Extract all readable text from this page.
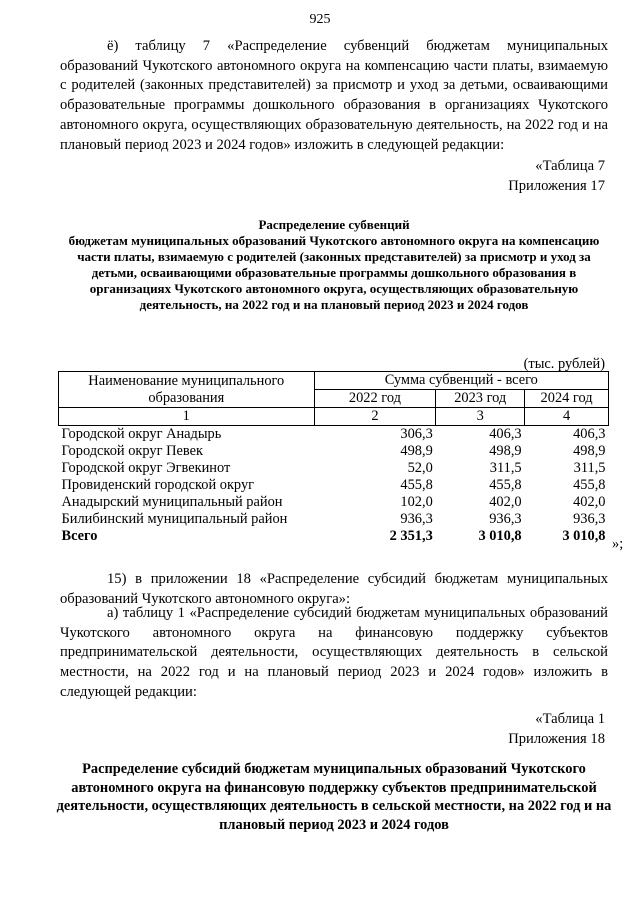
925
ё) таблицу 7 «Распределение субвенций бюджетам муниципальных образований Чукотского автономного округа на компенсацию части платы, взимаемую с родителей (законных представителей) за присмотр и уход за детьми, осваивающими образовательные программы дошкольного образования в организациях Чукотского автономного округа, осуществляющих образовательную деятельность, на 2022 год и на плановый период 2023 и 2024 годов» изложить в следующей редакции:
«Таблица 7
Приложения 17
Распределение субвенций
бюджетам муниципальных образований Чукотского автономного округа на компенсацию части платы, взимаемую с родителей (законных представителей) за присмотр и уход за детьми, осваивающими образовательные программы дошкольного образования в организациях Чукотского автономного округа, осуществляющих образовательную деятельность, на 2022 год и на плановый период 2023 и 2024 годов
(тыс. рублей)
Наименование муниципального образования	Сумма субвенций - всего		
	2022 год	2023 год	2024 год
1	2	3	4
Городской округ Анадырь	306,3	406,3	406,3
Городской округ Певек	498,9	498,9	498,9
Городской округ Эгвекинот	52,0	311,5	311,5
Провиденский городской округ	455,8	455,8	455,8
Анадырский муниципальный район	102,0	402,0	402,0
Билибинский муниципальный район	936,3	936,3	936,3
Всего	2 351,3	3 010,8	3 010,8 »;
15) в приложении 18 «Распределение субсидий бюджетам муниципальных образований Чукотского автономного округа»:
а) таблицу 1 «Распределение субсидий бюджетам муниципальных образований Чукотского автономного округа на финансовую поддержку субъектов предпринимательской деятельности, осуществляющих деятельность в сельской местности, на 2022 год и на плановый период 2023 и 2024 годов» изложить в следующей редакции:
«Таблица 1
Приложения 18
Распределение субсидий бюджетам муниципальных образований Чукотского автономного округа на финансовую поддержку субъектов предпринимательской деятельности, осуществляющих деятельность в сельской местности, на 2022 год и на плановый период 2023 и 2024 годов
